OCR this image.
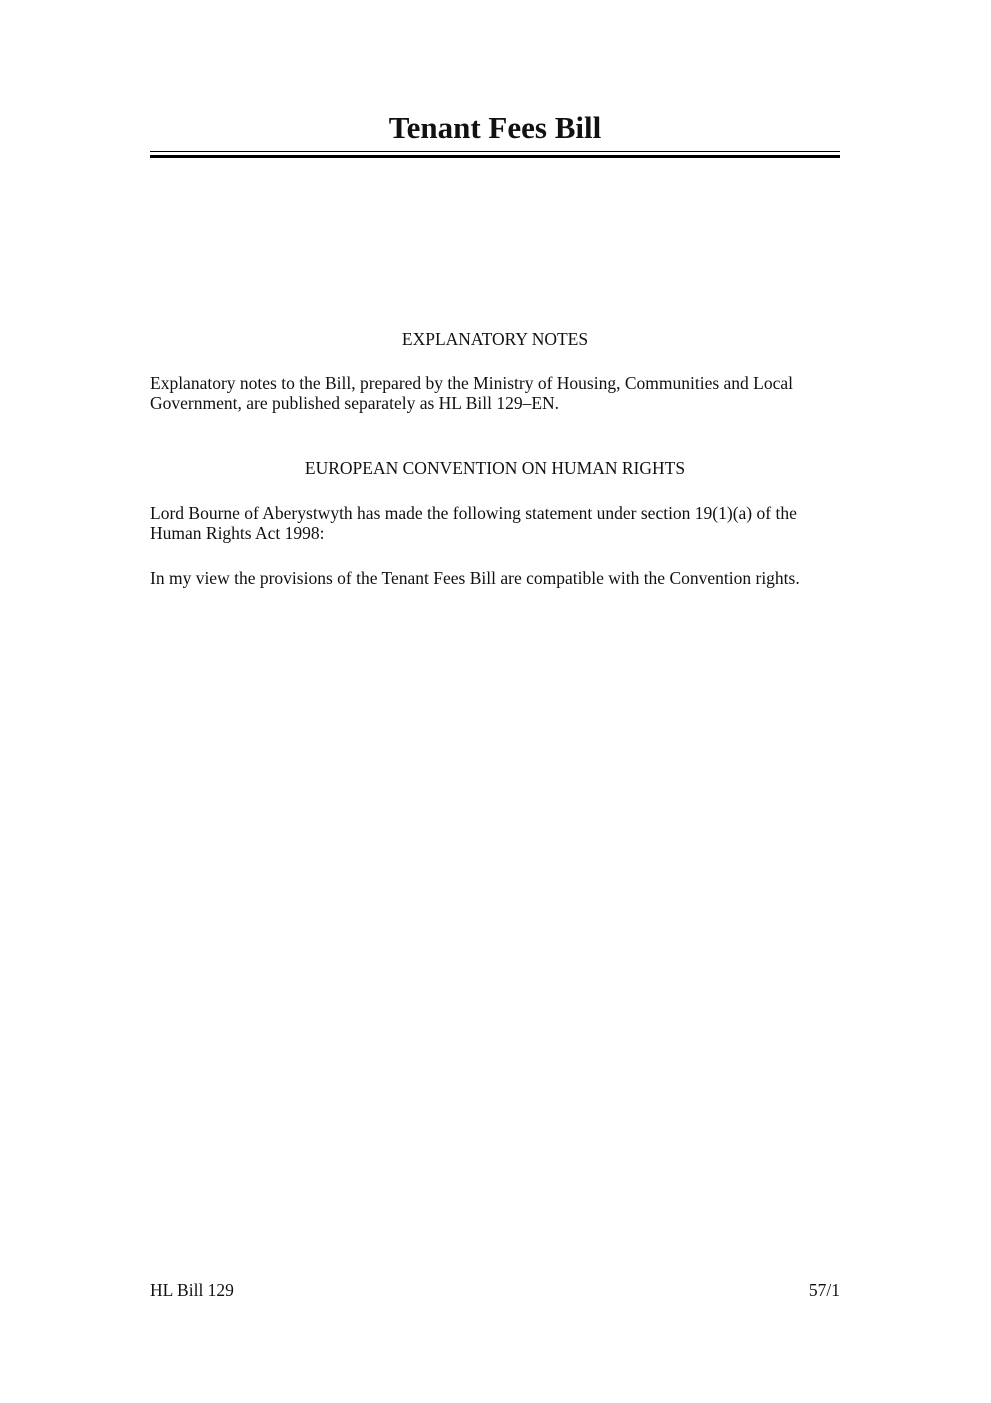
Tenant Fees Bill
EXPLANATORY NOTES
Explanatory notes to the Bill, prepared by the Ministry of Housing, Communities and Local Government, are published separately as HL Bill 129–EN.
EUROPEAN CONVENTION ON HUMAN RIGHTS
Lord Bourne of Aberystwyth has made the following statement under section 19(1)(a) of the Human Rights Act 1998:
In my view the provisions of the Tenant Fees Bill are compatible with the Convention rights.
HL Bill 129	57/1
